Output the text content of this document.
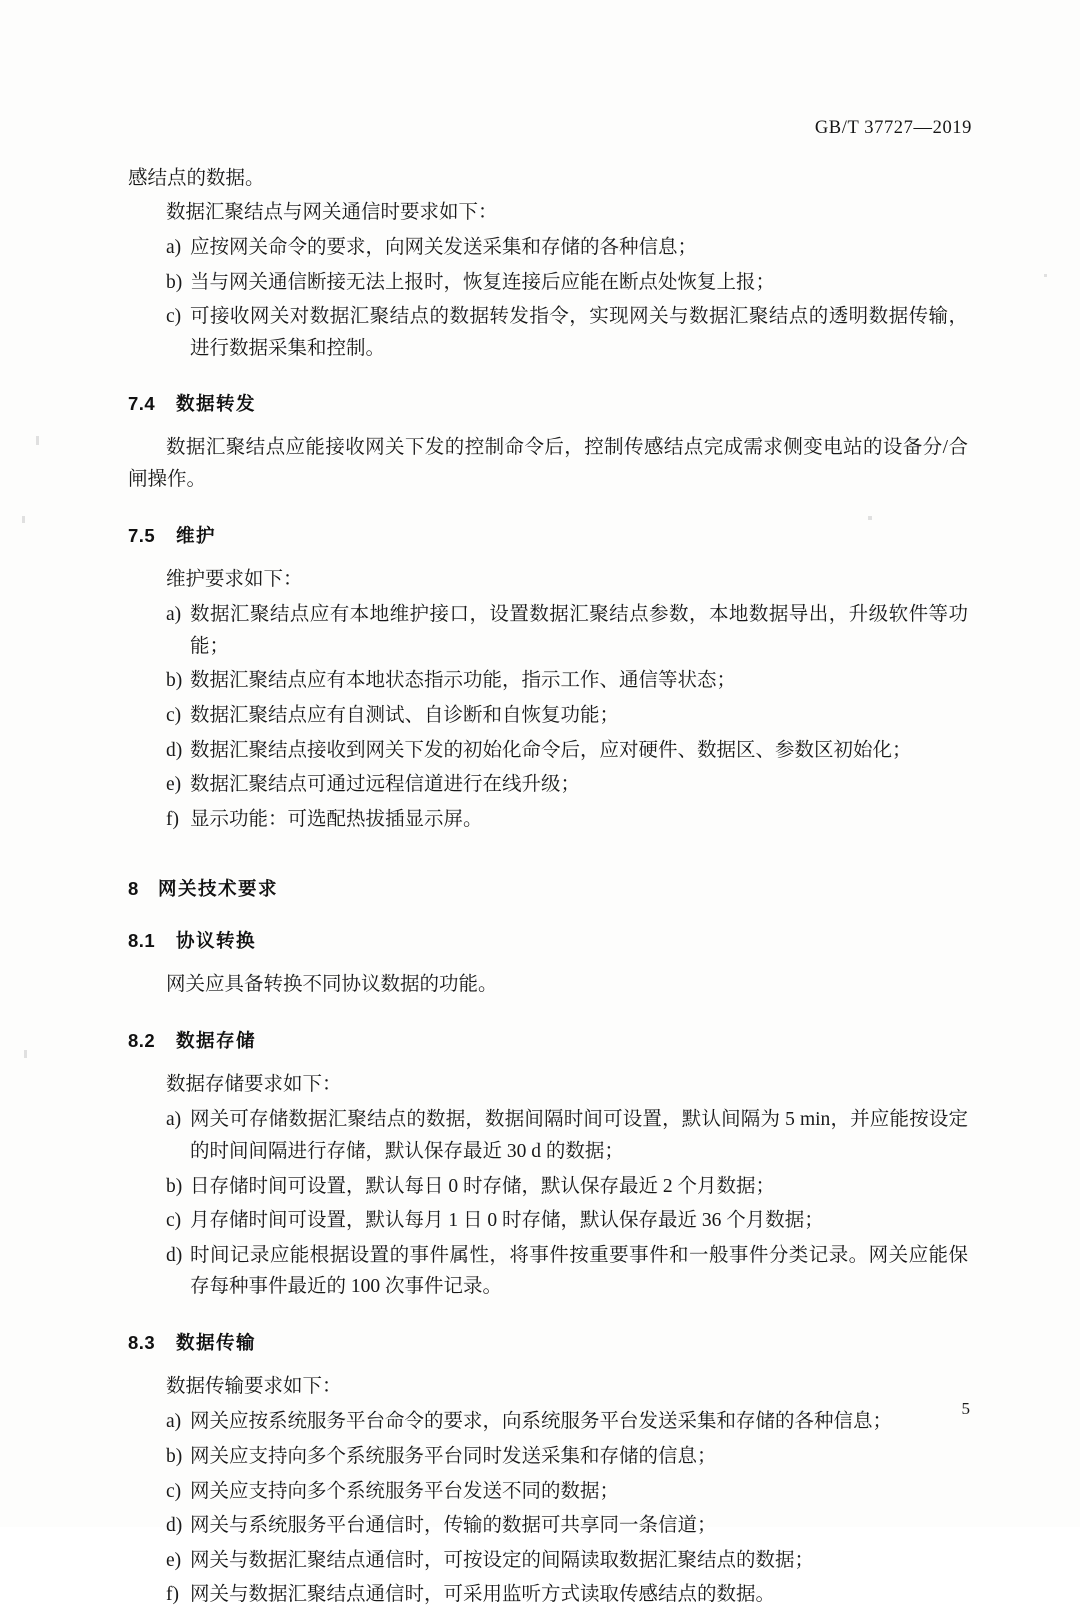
GB/T 37727—2019

感结点的数据。

数据汇聚结点与网关通信时要求如下：

a) 应按网关命令的要求，向网关发送采集和存储的各种信息；
b) 当与网关通信断接无法上报时，恢复连接后应能在断点处恢复上报；
c) 可接收网关对数据汇聚结点的数据转发指令，实现网关与数据汇聚结点的透明数据传输，进行数据采集和控制。
7.4	数据转发

数据汇聚结点应能接收网关下发的控制命令后，控制传感结点完成需求侧变电站的设备分/合闸操作。

7.5	维护

维护要求如下：

a) 数据汇聚结点应有本地维护接口，设置数据汇聚结点参数，本地数据导出，升级软件等功能；
b) 数据汇聚结点应有本地状态指示功能，指示工作、通信等状态；
c) 数据汇聚结点应有自测试、自诊断和自恢复功能；
d) 数据汇聚结点接收到网关下发的初始化命令后，应对硬件、数据区、参数区初始化；
e) 数据汇聚结点可通过远程信道进行在线升级；
f) 显示功能：可选配热拔插显示屏。
8	网关技术要求
8.1	协议转换

网关应具备转换不同协议数据的功能。

8.2	数据存储

数据存储要求如下：

a) 网关可存储数据汇聚结点的数据，数据间隔时间可设置，默认间隔为 5 min，并应能按设定的时间间隔进行存储，默认保存最近 30 d 的数据；
b) 日存储时间可设置，默认每日 0 时存储，默认保存最近 2 个月数据；
c) 月存储时间可设置，默认每月 1 日 0 时存储，默认保存最近 36 个月数据；
d) 时间记录应能根据设置的事件属性，将事件按重要事件和一般事件分类记录。网关应能保存每种事件最近的 100 次事件记录。
8.3	数据传输

数据传输要求如下：

a) 网关应按系统服务平台命令的要求，向系统服务平台发送采集和存储的各种信息；
b) 网关应支持向多个系统服务平台同时发送采集和存储的信息；
c) 网关应支持向多个系统服务平台发送不同的数据；
d) 网关与系统服务平台通信时，传输的数据可共享同一条信道；
e) 网关与数据汇聚结点通信时，可按设定的间隔读取数据汇聚结点的数据；
f) 网关与数据汇聚结点通信时，可采用监听方式读取传感结点的数据。
5
